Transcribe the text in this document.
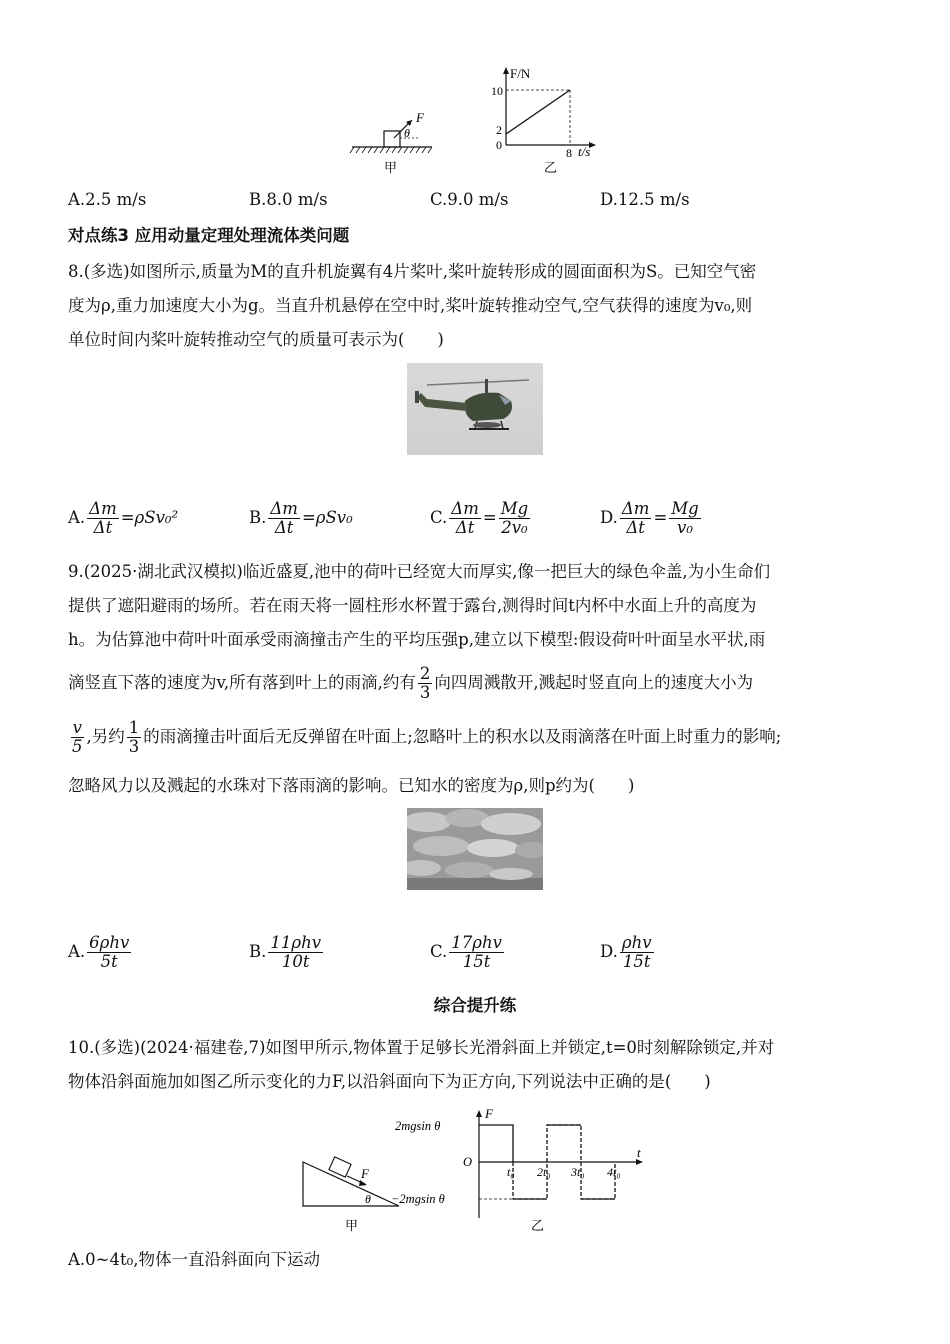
F
θ
甲
F/N
t/s
10
2
0
8
乙
A.2.5 m/s	B.8.0 m/s	C.9.0 m/s	D.12.5 m/s
对点练3 应用动量定理处理流体类问题
8.(多选)如图所示,质量为M的直升机旋翼有4片桨叶,桨叶旋转形成的圆面面积为S。已知空气密
度为ρ,重力加速度大小为g。当直升机悬停在空中时,桨叶旋转推动空气,空气获得的速度为v₀,则
单位时间内桨叶旋转推动空气的质量可表示为(　　)
A. $\frac{\Delta m}{\Delta t} =\rho Sv_0^2$	B. $\frac{\Delta m}{\Delta t} =\rho Sv_0$	C. $\frac{\Delta m}{\Delta t} = \frac{Mg}{\text{2v₀}}$	D. $\frac{\Delta m}{\Delta t} = \frac{Mg}{\text{v₀}}$
9.(2025·湖北武汉模拟)临近盛夏,池中的荷叶已经宽大而厚实,像一把巨大的绿色伞盖,为小生命们
提供了遮阳避雨的场所。若在雨天将一圆柱形水杯置于露台,测得时间t内杯中水面上升的高度为
h。为估算池中荷叶叶面承受雨滴撞击产生的平均压强p,建立以下模型:假设荷叶叶面呈水平状,雨
滴竖直下落的速度为v,所有落到叶上的雨滴,约有 $\frac{2}{3}$ 向四周溅散开,溅起时竖直向上的速度大小为
$\frac{v}{5}$ ,另约 $\frac{1}{3}$ 的雨滴撞击叶面后无反弹留在叶面上;忽略叶上的积水以及雨滴落在叶面上时重力的影响;
忽略风力以及溅起的水珠对下落雨滴的影响。已知水的密度为ρ,则p约为(　　)
A. $\frac{\text{6ρhv}}{5t}$	B. $\frac{\text{11ρhv}}{10t}$	C. $\frac{\text{17ρhv}}{15t}$	D. $\frac{\text{ρhv}}{15t}$
综合提升练
10.(多选)(2024·福建卷,7)如图甲所示,物体置于足够长光滑斜面上并锁定,t=0时刻解除锁定,并对
物体沿斜面施加如图乙所示变化的力F,以沿斜面向下为正方向,下列说法中正确的是(　　)
F
θ
甲
F
t
2mgsin θ
O
−2mgsin θ
t₀ 2t₀ 3t₀ 4t₀
乙
A.0~4t₀,物体一直沿斜面向下运动
